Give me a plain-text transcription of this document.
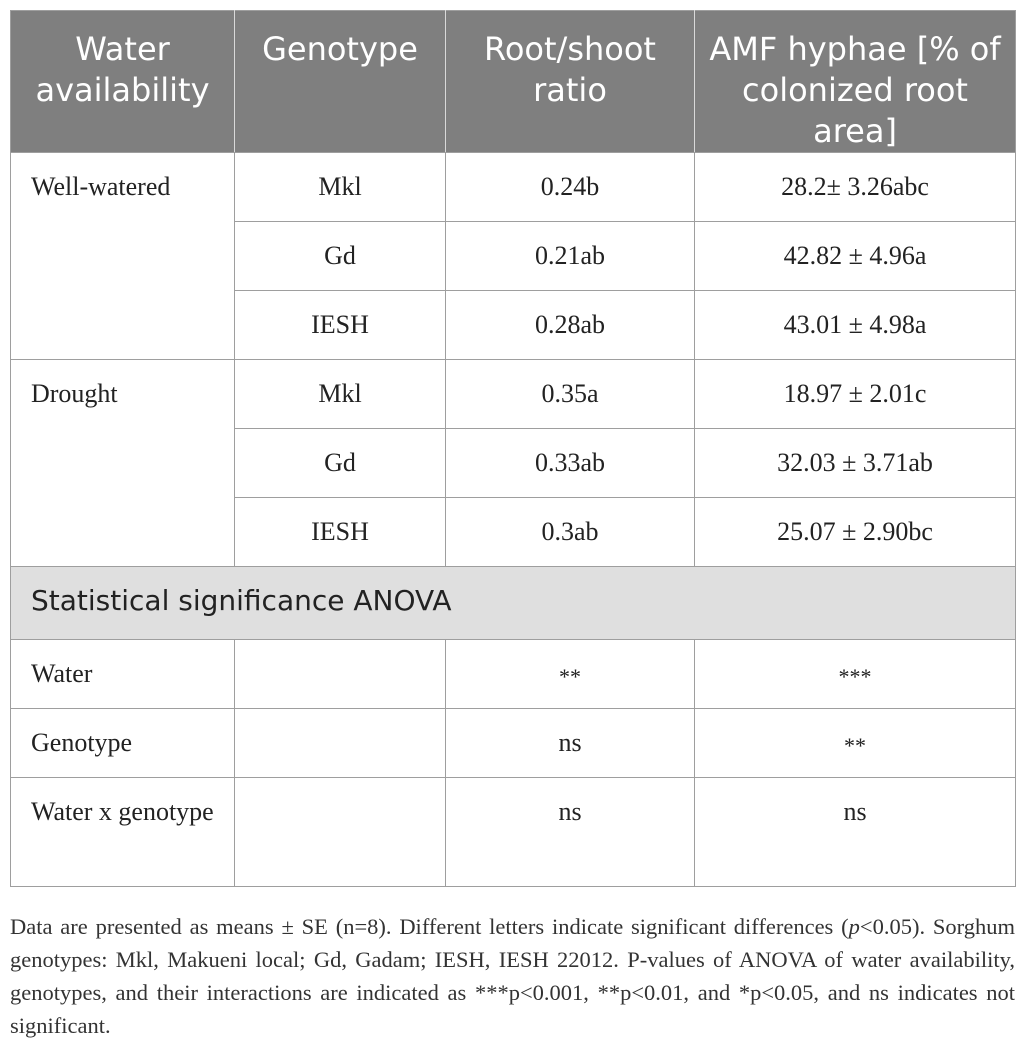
Water availability	Genotype	Root/shoot ratio	AMF hyphae [% of colonized root area]
Well-watered	Mkl	0.24b	28.2± 3.26abc
	Gd	0.21ab	42.82 ± 4.96a
	IESH	0.28ab	43.01 ± 4.98a
Drought	Mkl	0.35a	18.97 ± 2.01c
	Gd	0.33ab	32.03 ± 3.71ab
	IESH	0.3ab	25.07 ± 2.90bc
Statistical significance ANOVA			
Water		**	***
Genotype		ns	**
Water x genotype		ns	ns
Data are presented as means ± SE (n=8). Different letters indicate significant differences (p<0.05). Sorghum genotypes: Mkl, Makueni local; Gd, Gadam; IESH, IESH 22012. P-values of ANOVA of water availability, genotypes, and their interactions are indicated as ***p<0.001, **p<0.01, and *p<0.05, and ns indicates not significant.
